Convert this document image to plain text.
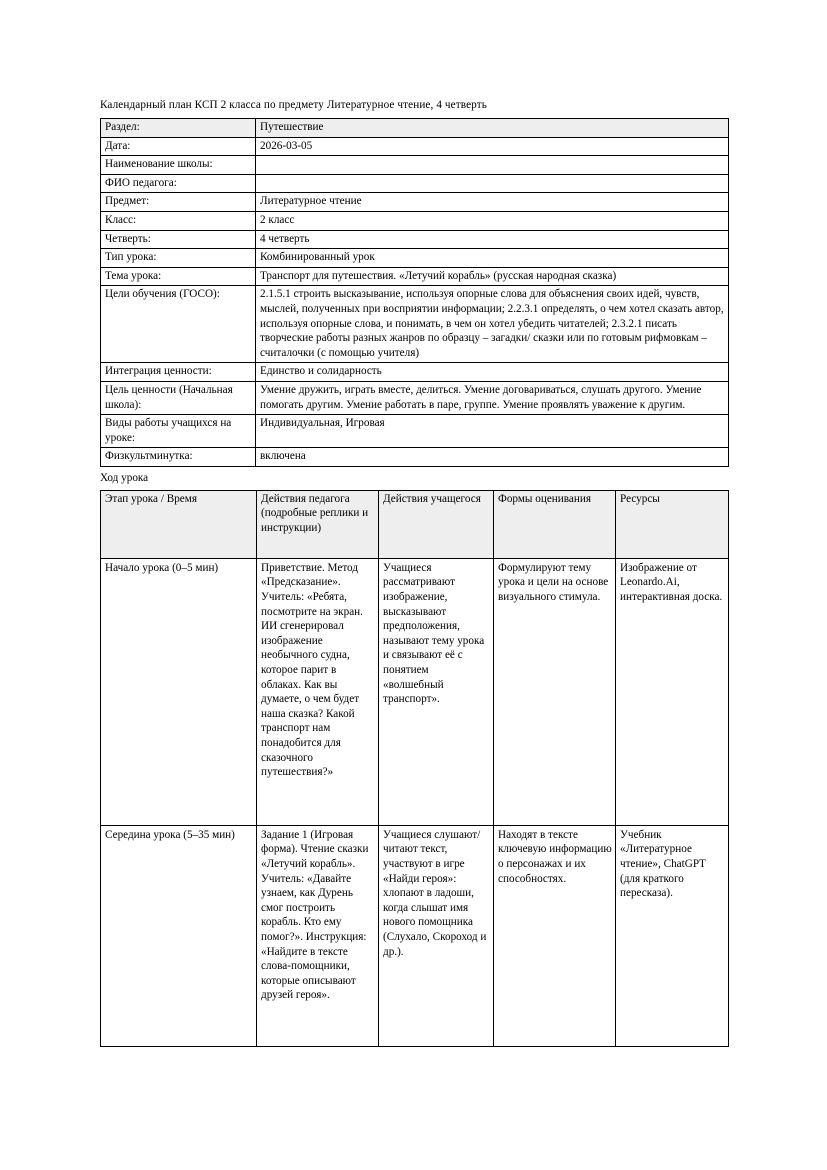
Календарный план КСП 2 класса по предмету Литературное чтение, 4 четверть

Раздел:	Путешествие
Дата:	2026-03-05
Наименование школы:	
ФИО педагога:	
Предмет:	Литературное чтение
Класс:	2 класс
Четверть:	4 четверть
Тип урока:	Комбинированный урок
Тема урока:	Транспорт для путешествия. «Летучий корабль» (русская народная сказка)
Цели обучения (ГОСО):	2.1.5.1 строить высказывание, используя опорные слова для объяснения своих идей, чувств, мыслей, полученных при восприятии информации; 2.2.3.1 определять, о чем хотел сказать автор, используя опорные слова, и понимать, в чем он хотел убедить читателей; 2.3.2.1 писать творческие работы разных жанров по образцу – загадки/ сказки или по готовым рифмовкам – считалочки (с помощью учителя)
Интеграция ценности:	Единство и солидарность
Цель ценности (Начальная школа):	Умение дружить, играть вместе, делиться. Умение договариваться, слушать другого. Умение помогать другим. Умение работать в паре, группе. Умение проявлять уважение к другим.
Виды работы учащихся на уроке:	Индивидуальная, Игровая
Физкультминутка:	включена

Ход урока

Этап урока / Время	Действия педагога (подробные реплики и инструкции)	Действия учащегося	Формы оценивания	Ресурсы
Начало урока (0–5 мин)	Приветствие. Метод «Предсказание». Учитель: «Ребята, посмотрите на экран. ИИ сгенерировал изображение необычного судна, которое парит в облаках. Как вы думаете, о чем будет наша сказка? Какой транспорт нам понадобится для сказочного путешествия?»	Учащиеся рассматривают изображение, высказывают предположения, называют тему урока и связывают её с понятием «волшебный транспорт».	Формулируют тему урока и цели на основе визуального стимула.	Изображение от Leonardo.Ai, интерактивная доска.
Середина урока (5–35 мин)	Задание 1 (Игровая форма). Чтение сказки «Летучий корабль». Учитель: «Давайте узнаем, как Дурень смог построить корабль. Кто ему помог?». Инструкция: «Найдите в тексте слова-помощники, которые описывают друзей героя».	Учащиеся слушают/читают текст, участвуют в игре «Найди героя»: хлопают в ладоши, когда слышат имя нового помощника (Слухало, Скороход и др.).	Находят в тексте ключевую информацию о персонажах и их способностях.	Учебник «Литературное чтение», ChatGPT (для краткого пересказа).
